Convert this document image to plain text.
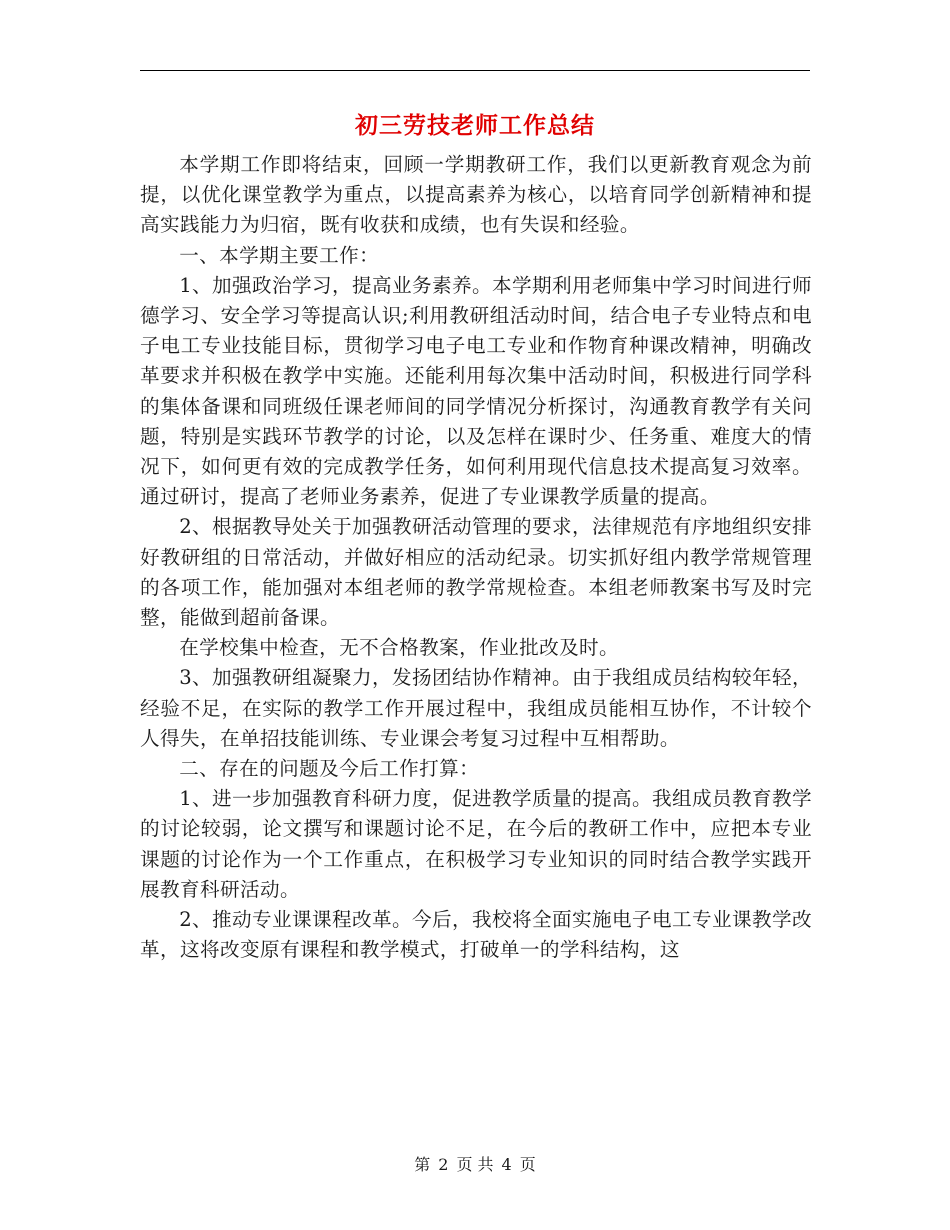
初三劳技老师工作总结

本学期工作即将结束，回顾一学期教研工作，我们以更新教育观念为前提，以优化课堂教学为重点，以提高素养为核心，以培育同学创新精神和提高实践能力为归宿，既有收获和成绩，也有失误和经验。

一、本学期主要工作：

1、加强政治学习，提高业务素养。本学期利用老师集中学习时间进行师德学习、安全学习等提高认识;利用教研组活动时间，结合电子专业特点和电子电工专业技能目标，贯彻学习电子电工专业和作物育种课改精神，明确改革要求并积极在教学中实施。还能利用每次集中活动时间，积极进行同学科的集体备课和同班级任课老师间的同学情况分析探讨，沟通教育教学有关问题，特别是实践环节教学的讨论，以及怎样在课时少、任务重、难度大的情况下，如何更有效的完成教学任务，如何利用现代信息技术提高复习效率。通过研讨，提高了老师业务素养，促进了专业课教学质量的提高。

2、根据教导处关于加强教研活动管理的要求，法律规范有序地组织安排好教研组的日常活动，并做好相应的活动纪录。切实抓好组内教学常规管理的各项工作，能加强对本组老师的教学常规检查。本组老师教案书写及时完整，能做到超前备课。

在学校集中检查，无不合格教案，作业批改及时。

3、加强教研组凝聚力，发扬团结协作精神。由于我组成员结构较年轻，经验不足，在实际的教学工作开展过程中，我组成员能相互协作，不计较个人得失，在单招技能训练、专业课会考复习过程中互相帮助。

二、存在的问题及今后工作打算：

1、进一步加强教育科研力度，促进教学质量的提高。我组成员教育教学的讨论较弱，论文撰写和课题讨论不足，在今后的教研工作中，应把本专业课题的讨论作为一个工作重点，在积极学习专业知识的同时结合教学实践开展教育科研活动。

2、推动专业课课程改革。今后，我校将全面实施电子电工专业课教学改革，这将改变原有课程和教学模式，打破单一的学科结构，这

第 2 页 共 4 页
